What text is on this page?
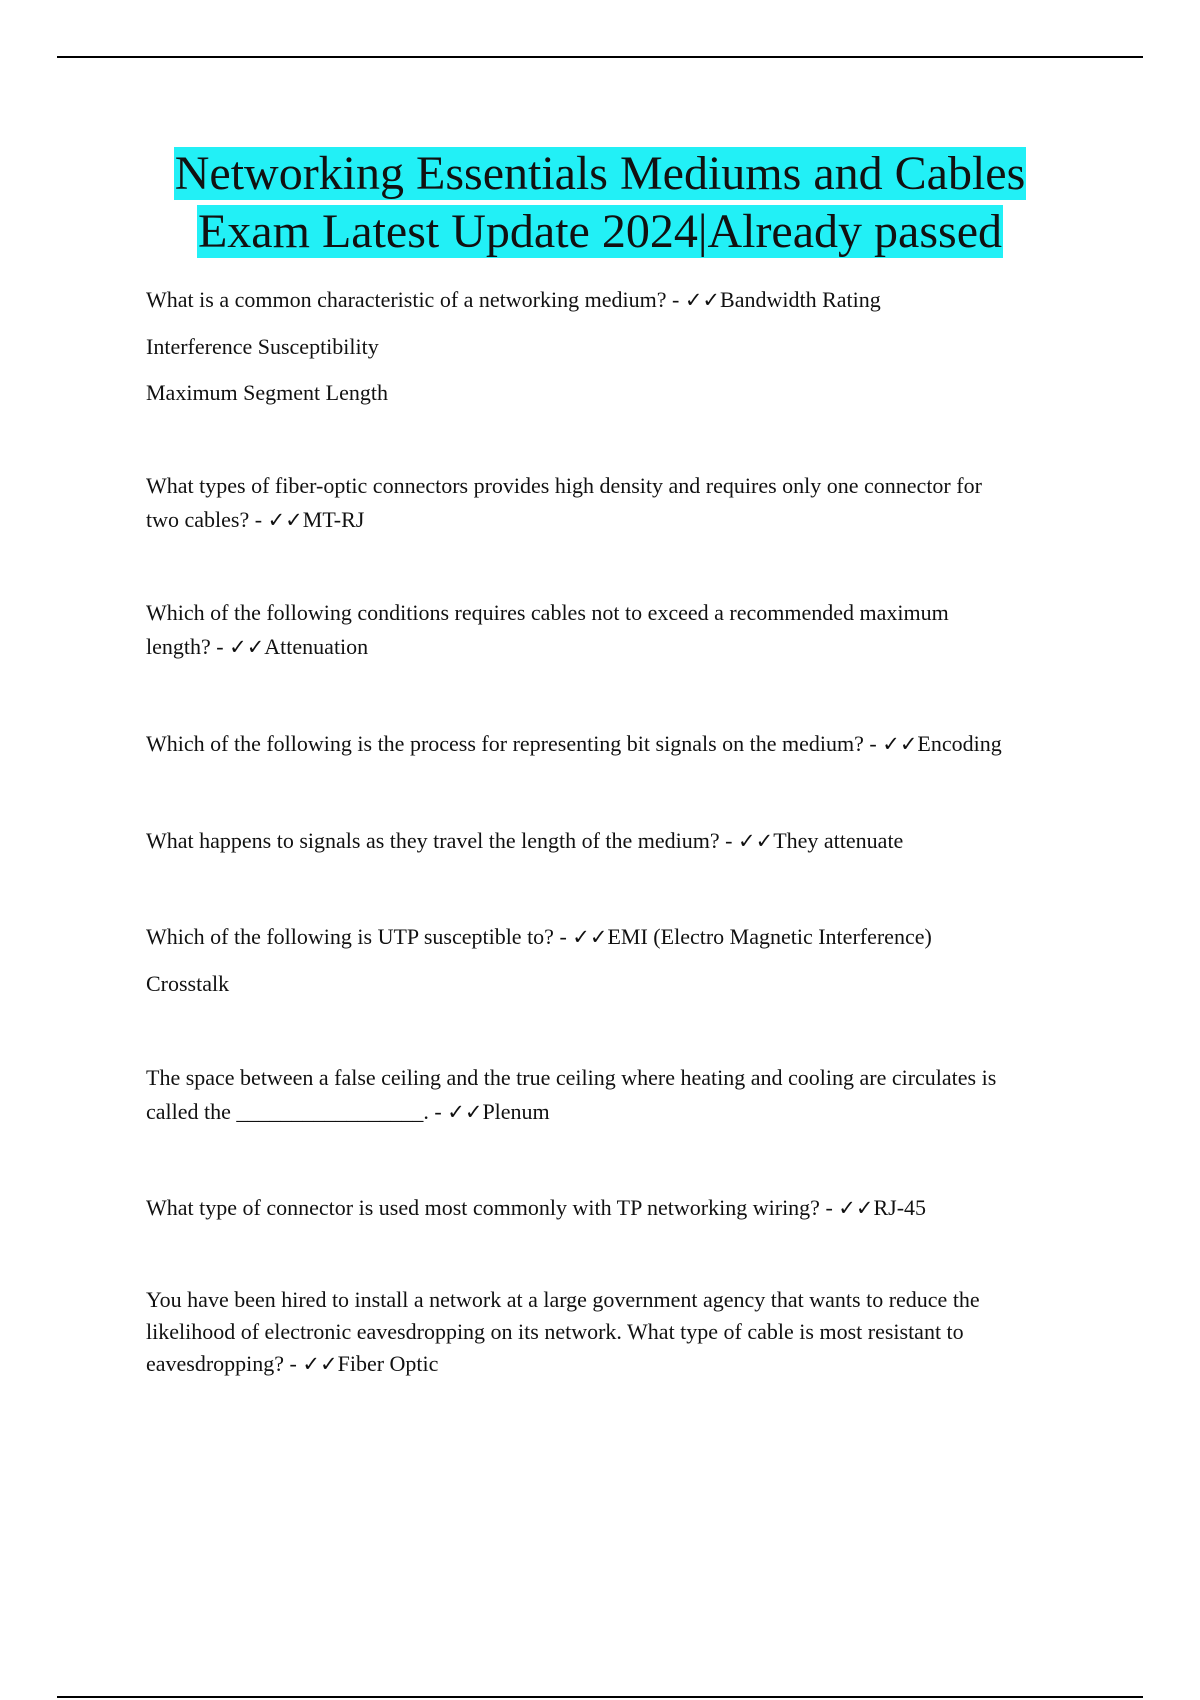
Networking Essentials Mediums and Cables
Exam Latest Update 2024|Already passed
What is a common characteristic of a networking medium? - ✓✓Bandwidth Rating
Interference Susceptibility
Maximum Segment Length
What types of fiber-optic connectors provides high density and requires only one connector for
two cables? - ✓✓MT-RJ
Which of the following conditions requires cables not to exceed a recommended maximum
length? - ✓✓Attenuation
Which of the following is the process for representing bit signals on the medium? - ✓✓Encoding
What happens to signals as they travel the length of the medium? - ✓✓They attenuate
Which of the following is UTP susceptible to? - ✓✓EMI (Electro Magnetic Interference)
Crosstalk
The space between a false ceiling and the true ceiling where heating and cooling are circulates is
called the _________________. - ✓✓Plenum
What type of connector is used most commonly with TP networking wiring? - ✓✓RJ-45
You have been hired to install a network at a large government agency that wants to reduce the
likelihood of electronic eavesdropping on its network. What type of cable is most resistant to
eavesdropping? - ✓✓Fiber Optic
